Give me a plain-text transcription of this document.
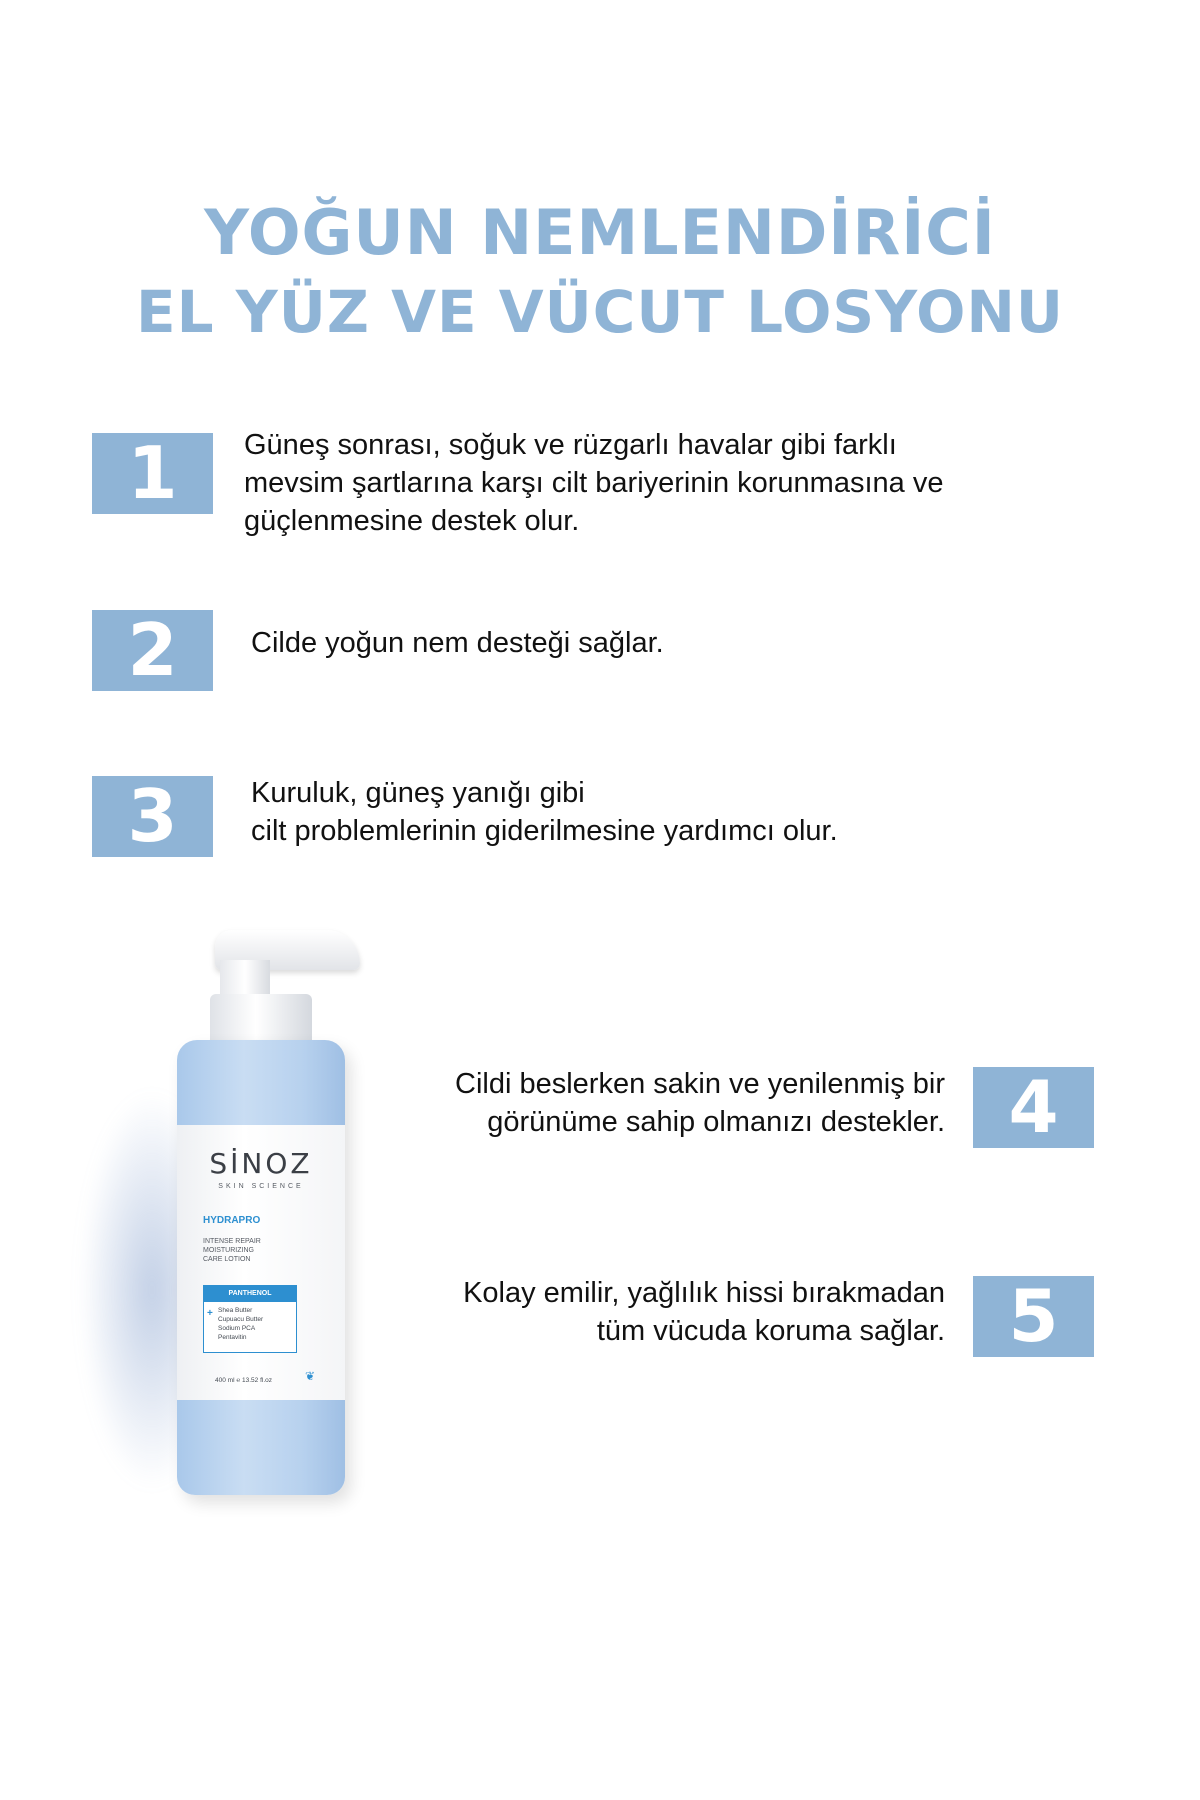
YOĞUN NEMLENDİRİCİ
EL YÜZ VE VÜCUT LOSYONU
1	Güneş sonrası, soğuk ve rüzgarlı havalar gibi farklı
mevsim şartlarına karşı cilt bariyerinin korunmasına ve
güçlenmesine destek olur.
2	Cilde yoğun nem desteği sağlar.
3	Kuruluk, güneş yanığı gibi
cilt problemlerinin giderilmesine yardımcı olur.
Cildi beslerken sakin ve yenilenmiş bir
görünüme sahip olmanızı destekler. 4
Kolay emilir, yağlılık hissi bırakmadan
tüm vücuda koruma sağlar. 5
SİNOZ
SKIN SCIENCE
HYDRAPRO
INTENSE REPAIR
MOISTURIZING
CARE LOTION
PANTHENOL
+ Shea Butter
Cupuacu Butter
Sodium PCA
Pentavitin
400 ml ℮ 13.52 fl.oz	❦
